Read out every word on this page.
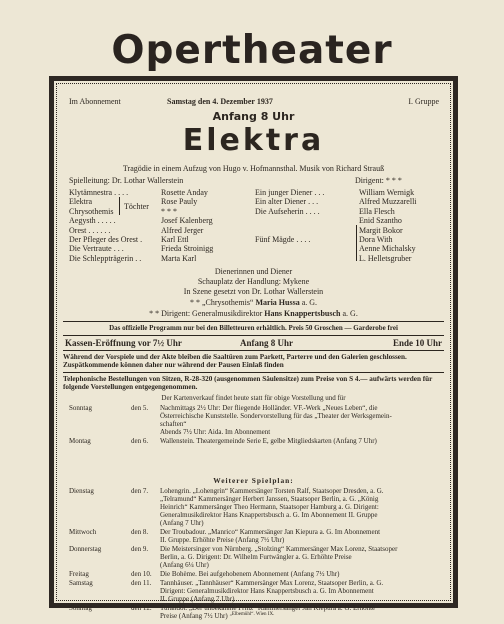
Opertheater
Im Abonnement	Samstag den 4. Dezember 1937	I. Gruppe
Anfang 8 Uhr
Elektra
Tragödie in einem Aufzug von Hugo v. Hofmannsthal. Musik von Richard Strauß
Spielleitung: Dr. Lothar Wallerstein	Dirigent: * * *
Klytämnestra . . . .	Rosette Anday
Elektra	Rose Pauly
Chrysothemis	* * *
Aegysth . . . . .	Josef Kalenberg
Orest . . . . . .	Alfred Jerger
Der Pfleger des Orest . Karl Ettl
Die Vertraute . . .	Frieda Stroinigg
Die Schleppträgerin . . Marta Karl
Töchter
Ein junger Diener . . .	William Wernigk
Ein alter Diener . . .	Alfred Muzzarelli
Die Aufseherin . . . .	Ella Flesch
Enid Szantho
Margit Bokor
Fünf Mägde . . . .	Dora With
Aenne Michalsky
L. Helletsgruber
Dienerinnen und Diener
Schauplatz der Handlung: Mykene
In Szene gesetzt von Dr. Lothar Wallerstein
* * „Chrysothemis“ Maria Hussa a. G.
* * Dirigent: Generalmusikdirektor Hans Knappertsbusch a. G.
Das offizielle Programm nur bei den Billetteuren erhältlich. Preis 50 Groschen — Garderobe frei
Kassen-Eröffnung vor 7½ Uhr	Anfang 8 Uhr	Ende 10 Uhr
Während der Vorspiele und der Akte bleiben die Saaltüren zum Parkett, Parterre und den Galerien geschlossen. Zuspätkommende können daher nur während der Pausen Einlaß finden
Telephonische Bestellungen von Sitzen, R-28-320 (ausgenommen Säulensitze) zum Preise von S 4.— aufwärts werden für folgende Vorstellungen entgegengenommen.
Der Kartenverkauf findet heute statt für obige Vorstellung und für
Sonntag	den 5. Nachmittags 2½ Uhr: Der fliegende Holländer. VF.-Werk „Neues Leben“, die
Österreichische Kunststelle. Sondervorstellung für das „Theater der Werksgemein-
schaften“
Abends 7½ Uhr: Aida. Im Abonnement
Montag	den 6. Wallenstein. Theatergemeinde Serie E, gelbe Mitgliedskarten (Anfang 7 Uhr)
Weiterer Spielplan:
Dienstag	den 7. Lohengrin. „Lohengrin“ Kammersänger Torsten Ralf, Staatsoper Dresden, a. G.
„Telramund“ Kammersänger Herbert Janssen, Staatsoper Berlin, a. G. „König
Heinrich“ Kammersänger Theo Hermann, Staatsoper Hamburg a. G. Dirigent:
Generalmusikdirektor Hans Knappertsbusch a. G. Im Abonnement II. Gruppe
(Anfang 7 Uhr)
Mittwoch	den 8. Der Troubadour. „Manrico“ Kammersänger Jan Kiepura a. G. Im Abonnement
II. Gruppe. Erhöhte Preise (Anfang 7½ Uhr)
Donnerstag	den 9. Die Meistersinger von Nürnberg. „Stolzing“ Kammersänger Max Lorenz, Staatsoper
Berlin, a. G. Dirigent: Dr. Wilhelm Furtwängler a. G. Erhöhte Preise
(Anfang 6¼ Uhr)
Freitag	den 10. Die Bohème. Bei aufgehobenem Abonnement (Anfang 7½ Uhr)
Samstag	den 11. Tannhäuser. „Tannhäuser“ Kammersänger Max Lorenz, Staatsoper Berlin, a. G.
Dirigent: Generalmusikdirektor Hans Knappertsbusch a. G. Im Abonnement
II. Gruppe (Anfang 7 Uhr)
Sonntag	den 12. Turandot. „Der unbekannte Prinz“ Kammersänger Jan Kiepura a. G. Erhöhte
Preise (Anfang 7½ Uhr) „Elbemühl“. Wien IX.
